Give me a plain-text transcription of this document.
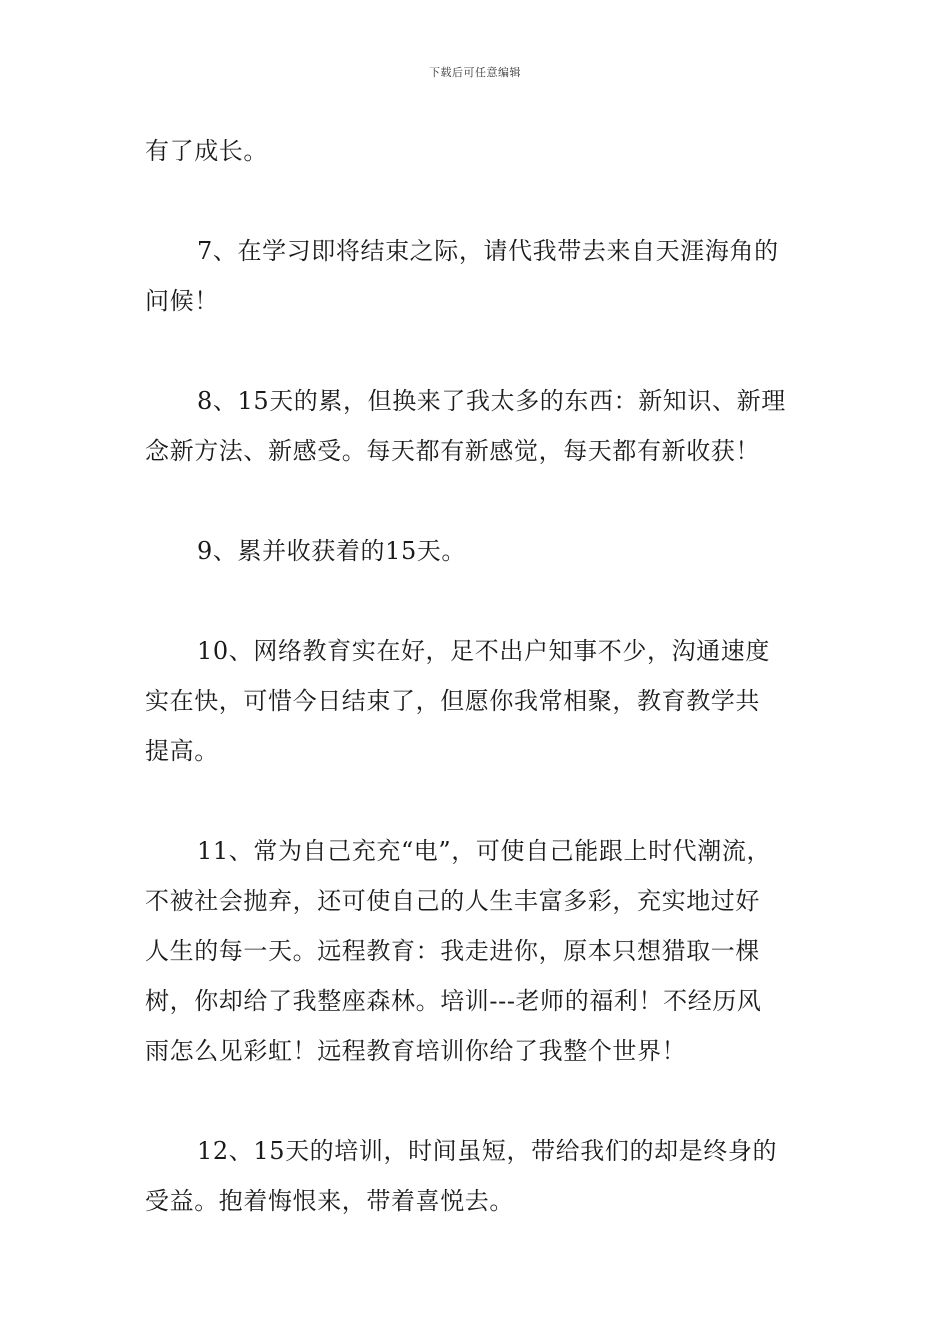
下载后可任意编辑
有了成长。
7、在学习即将结束之际，请代我带去来自天涯海角的
问候！
8、15天的累，但换来了我太多的东西：新知识、新理
念新方法、新感受。每天都有新感觉，每天都有新收获！
9、累并收获着的15天。
10、网络教育实在好，足不出户知事不少，沟通速度
实在快，可惜今日结束了，但愿你我常相聚，教育教学共
提高。
11、常为自己充充“电”，可使自己能跟上时代潮流，
不被社会抛弃，还可使自己的人生丰富多彩，充实地过好
人生的每一天。远程教育：我走进你，原本只想猎取一棵
树，你却给了我整座森林。培训---老师的福利！不经历风
雨怎么见彩虹！远程教育培训你给了我整个世界！
12、15天的培训，时间虽短，带给我们的却是终身的
受益。抱着悔恨来，带着喜悦去。
